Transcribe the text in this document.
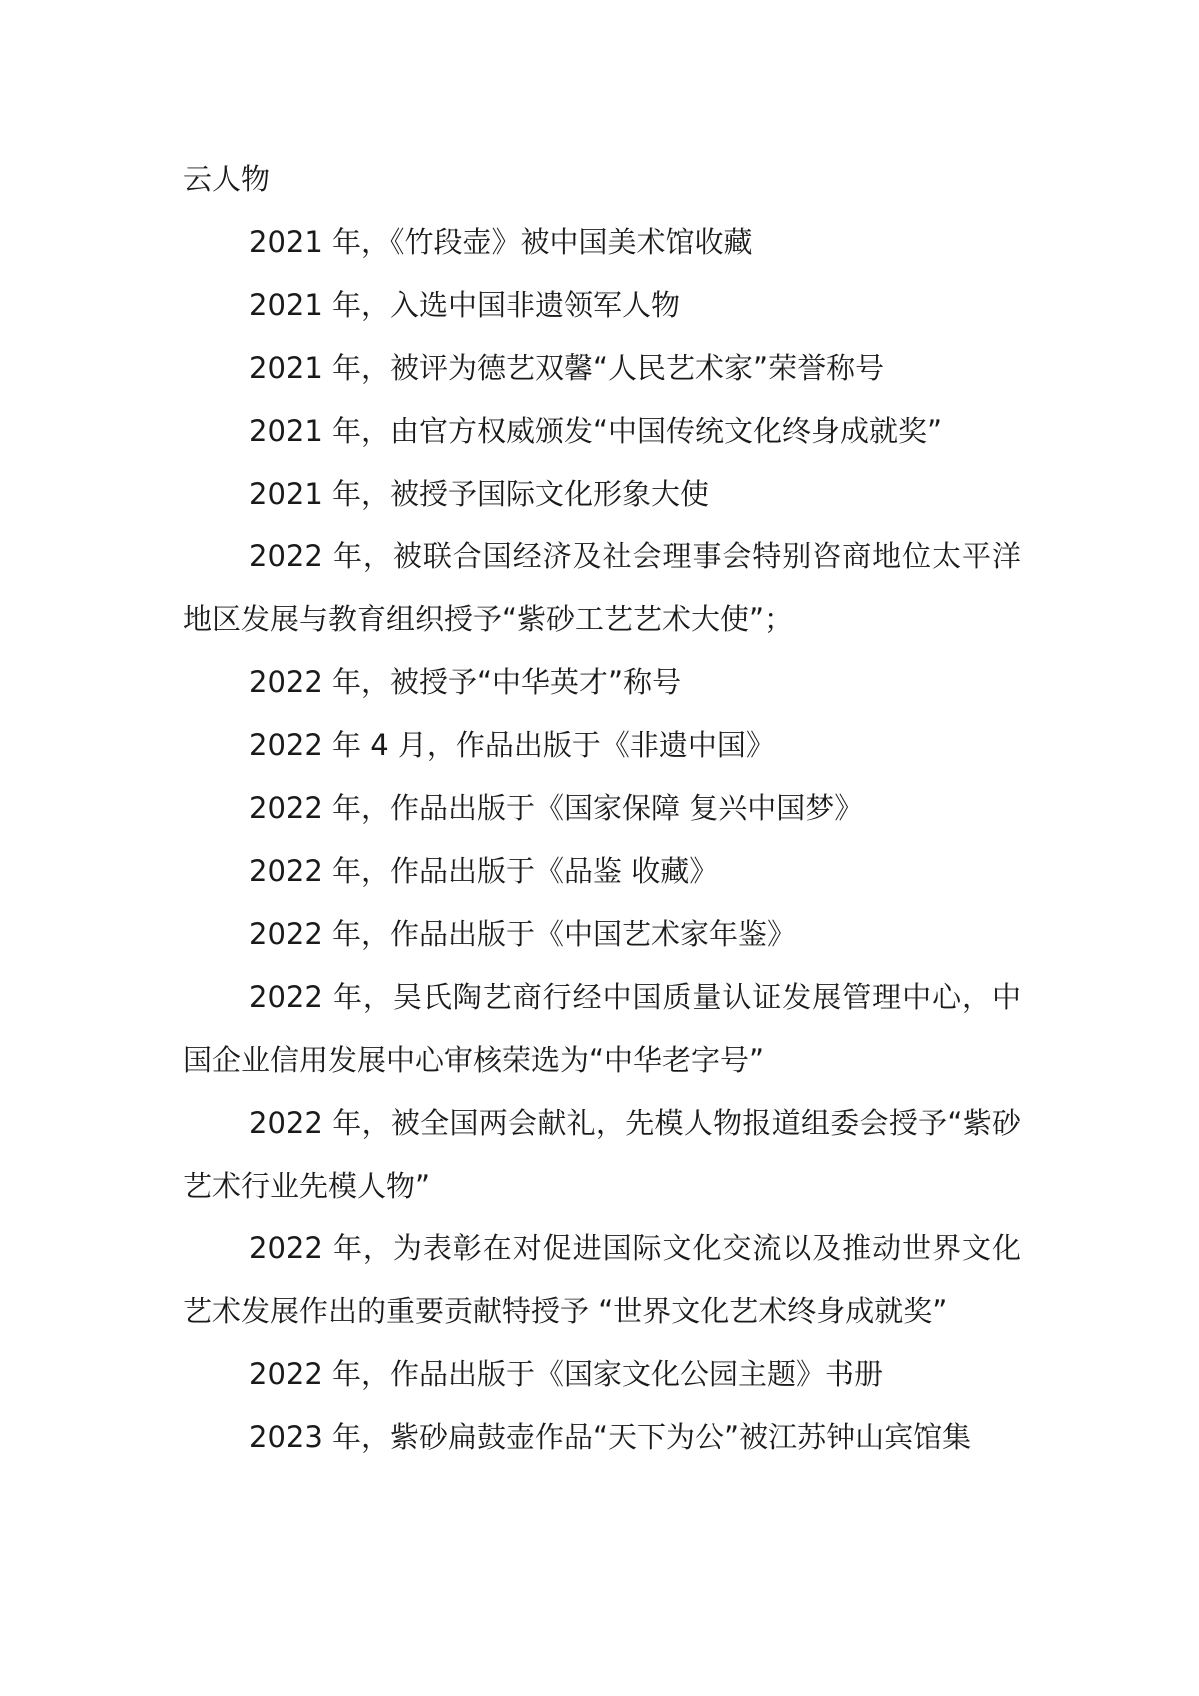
云人物

2021 年，《竹段壶》被中国美术馆收藏

2021 年，入选中国非遗领军人物

2021 年，被评为德艺双馨“人民艺术家”荣誉称号

2021 年，由官方权威颁发“中国传统文化终身成就奖”

2021 年，被授予国际文化形象大使

2022 年，被联合国经济及社会理事会特别咨商地位太平洋地区发展与教育组织授予“紫砂工艺艺术大使”；

2022 年，被授予“中华英才”称号

2022 年 4 月，作品出版于《非遗中国》

2022 年，作品出版于《国家保障 复兴中国梦》

2022 年，作品出版于《品鉴 收藏》

2022 年，作品出版于《中国艺术家年鉴》

2022 年，吴氏陶艺商行经中国质量认证发展管理中心，中国企业信用发展中心审核荣选为“中华老字号”

2022 年，被全国两会献礼，先模人物报道组委会授予“紫砂艺术行业先模人物”

2022 年，为表彰在对促进国际文化交流以及推动世界文化艺术发展作出的重要贡献特授予 “世界文化艺术终身成就奖”

2022 年，作品出版于《国家文化公园主题》书册

2023 年，紫砂扁鼓壶作品“天下为公”被江苏钟山宾馆集
